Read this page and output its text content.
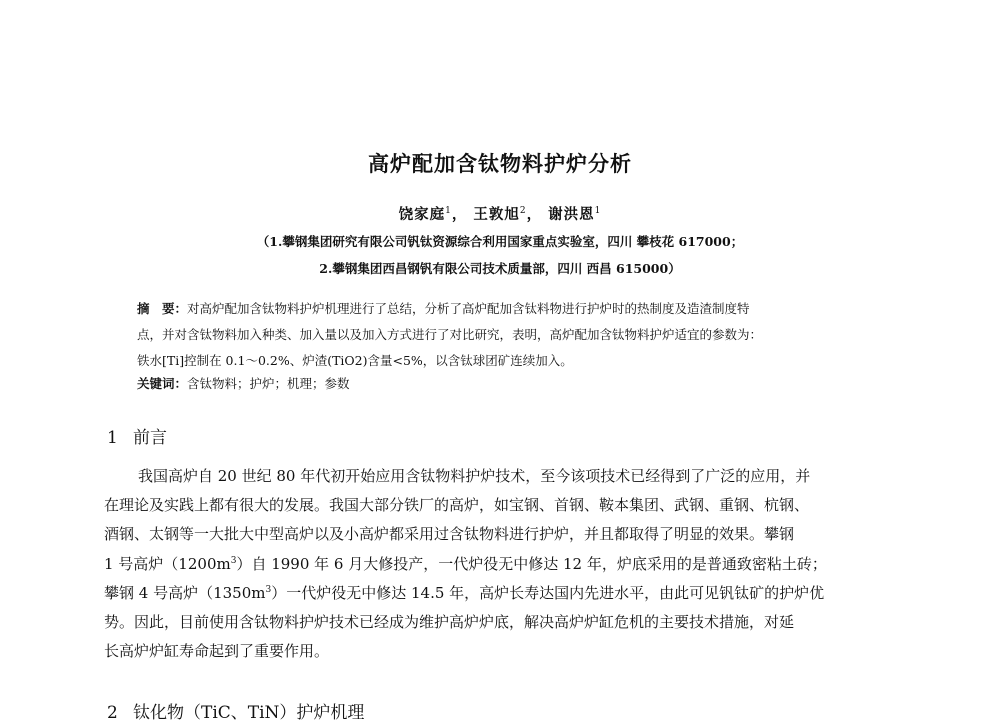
高炉配加含钛物料护炉分析
饶家庭$^1$， 王敦旭$^2$， 谢洪恩$^1$
（1.攀钢集团研究有限公司钒钛资源综合利用国家重点实验室，四川 攀枝花 617000；
2.攀钢集团西昌钢钒有限公司技术质量部，四川 西昌 615000）
摘　要：对高炉配加含钛物料护炉机理进行了总结，分析了高炉配加含钛料物进行护炉时的热制度及造渣制度特
点，并对含钛物料加入种类、加入量以及加入方式进行了对比研究，表明，高炉配加含钛物料护炉适宜的参数为：
铁水[Ti]控制在 0.1～0.2%、炉渣(TiO2)含量<5%，以含钛球团矿连续加入。
关键词：含钛物料；护炉；机理；参数
1 前言
我国高炉自 20 世纪 80 年代初开始应用含钛物料护炉技术，至今该项技术已经得到了广泛的应用，并
在理论及实践上都有很大的发展。我国大部分铁厂的高炉，如宝钢、首钢、鞍本集团、武钢、重钢、杭钢、
酒钢、太钢等一大批大中型高炉以及小高炉都采用过含钛物料进行护炉，并且都取得了明显的效果。攀钢
1 号高炉$(1200m^3)$自 1990 年 6 月大修投产，一代炉役无中修达 12 年，炉底采用的是普通致密粘土砖；
攀钢 4 号高炉$(1350m^3)$一代炉役无中修达 14.5 年，高炉长寿达国内先进水平，由此可见钒钛矿的护炉优
势。因此，目前使用含钛物料护炉技术已经成为维护高炉炉底，解决高炉炉缸危机的主要技术措施，对延
长高炉炉缸寿命起到了重要作用。
2 钛化物（TiC、TiN）护炉机理
